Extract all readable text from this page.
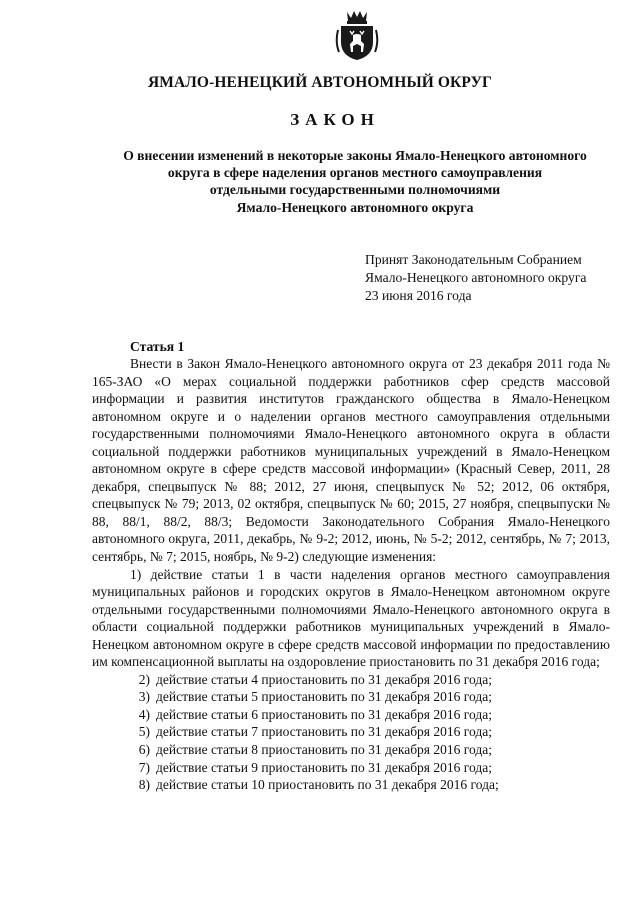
ЯМАЛО-НЕНЕЦКИЙ АВТОНОМНЫЙ ОКРУГ
ЗАКОН
О внесении изменений в некоторые законы Ямало-Ненецкого автономного
округа в сфере наделения органов местного самоуправления
отдельными государственными полномочиями
Ямало-Ненецкого автономного округа
Принят Законодательным Собранием
Ямало-Ненецкого автономного округа
23 июня 2016 года
Статья 1

Внести в Закон Ямало-Ненецкого автономного округа от 23 декабря 2011 года № 165-ЗАО «О мерах социальной поддержки работников сфер средств массовой информации и развития институтов гражданского общества в Ямало-Ненецком автономном округе и о наделении органов местного самоуправления отдельными государственными полномочиями Ямало-Ненецкого автономного округа в области социальной поддержки работников муниципальных учреждений в Ямало-Ненецком автономном округе в сфере средств массовой информации» (Красный Север, 2011, 28 декабря, спецвыпуск № 88; 2012, 27 июня, спецвыпуск № 52; 2012, 06 октября, спецвыпуск № 79; 2013, 02 октября, спецвыпуск № 60; 2015, 27 ноября, спецвыпуски № 88, 88/1, 88/2, 88/3; Ведомости Законодательного Собрания Ямало-Ненецкого автономного округа, 2011, декабрь, № 9-2; 2012, июнь, № 5-2; 2012, сентябрь, № 7; 2013, сентябрь, № 7; 2015, ноябрь, № 9-2) следующие изменения:

1) действие статьи 1 в части наделения органов местного самоуправления муниципальных районов и городских округов в Ямало-Ненецком автономном округе отдельными государственными полномочиями Ямало-Ненецкого автономного округа в области социальной поддержки работников муниципальных учреждений в Ямало-Ненецком автономном округе в сфере средств массовой информации по предоставлению им компенсационной выплаты на оздоровление приостановить по 31 декабря 2016 года;

2) действие статьи 4 приостановить по 31 декабря 2016 года;
3) действие статьи 5 приостановить по 31 декабря 2016 года;
4) действие статьи 6 приостановить по 31 декабря 2016 года;
5) действие статьи 7 приостановить по 31 декабря 2016 года;
6) действие статьи 8 приостановить по 31 декабря 2016 года;
7) действие статьи 9 приостановить по 31 декабря 2016 года;
8) действие статьи 10 приостановить по 31 декабря 2016 года;
